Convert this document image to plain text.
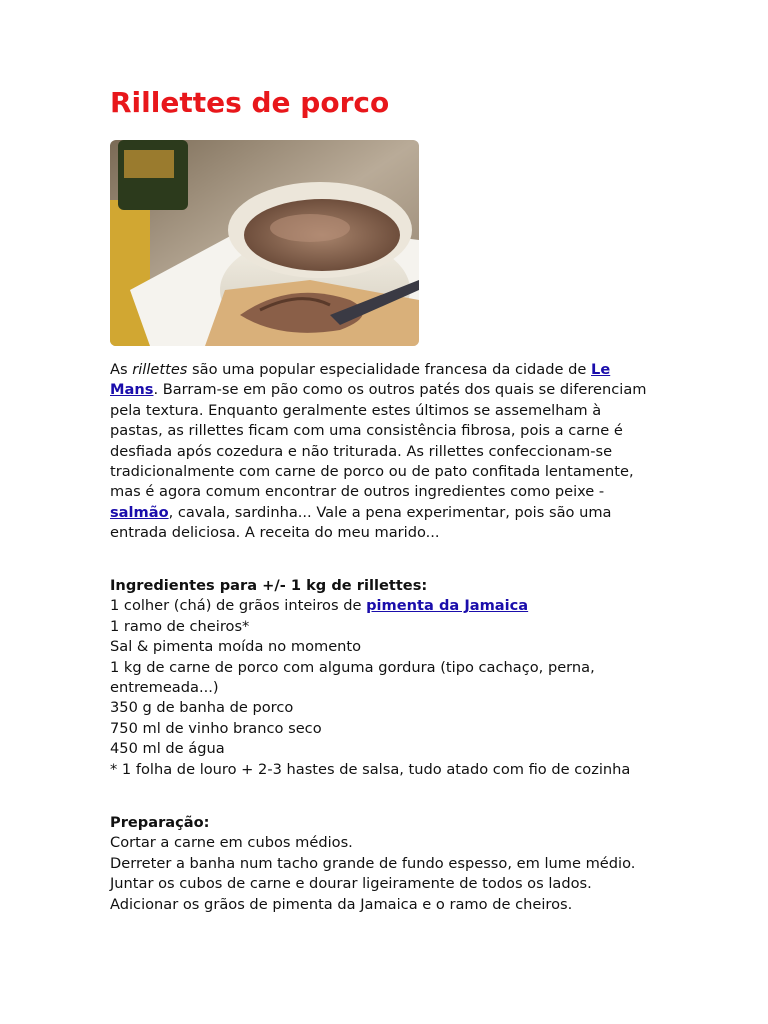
Rillettes de porco

As rillettes são uma popular especialidade francesa da cidade de Le Mans. Barram-se em pão como os outros patés dos quais se diferenciam pela textura. Enquanto geralmente estes últimos se assemelham à pastas, as rillettes ficam com uma consistência fibrosa, pois a carne é desfiada após cozedura e não triturada. As rillettes confeccionam-se tradicionalmente com carne de porco ou de pato confitada lentamente, mas é agora comum encontrar de outros ingredientes como peixe - salmão, cavala, sardinha... Vale a pena experimentar, pois são uma entrada deliciosa. A receita do meu marido...

Ingredientes para +/- 1 kg de rillettes:
1 colher (chá) de grãos inteiros de pimenta da Jamaica
1 ramo de cheiros*
Sal & pimenta moída no momento
1 kg de carne de porco com alguma gordura (tipo cachaço, perna, entremeada...)
350 g de banha de porco
750 ml de vinho branco seco
450 ml de água
* 1 folha de louro + 2-3 hastes de salsa, tudo atado com fio de cozinha
Preparação:
Cortar a carne em cubos médios.
Derreter a banha num tacho grande de fundo espesso, em lume médio. Juntar os cubos de carne e dourar ligeiramente de todos os lados.
Adicionar os grãos de pimenta da Jamaica e o ramo de cheiros.
